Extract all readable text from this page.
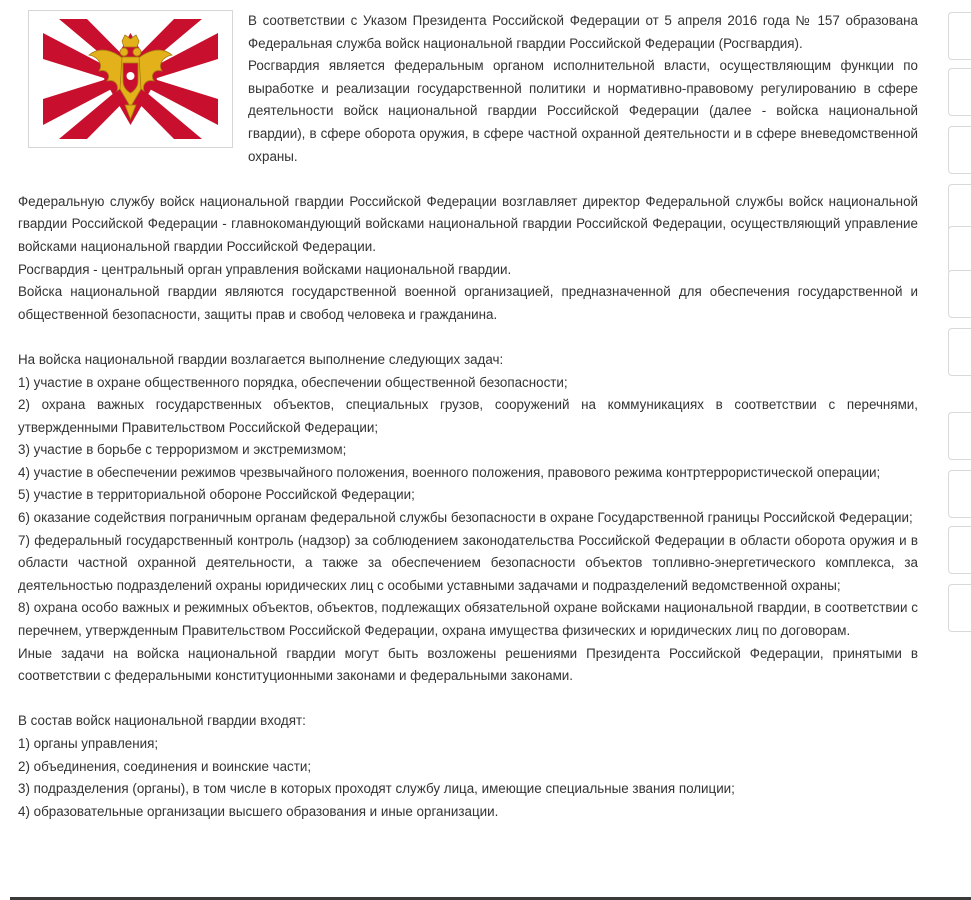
В соответствии с Указом Президента Российской Федерации от 5 апреля 2016 года № 157 образована Федеральная служба войск национальной гвардии Российской Федерации (Росгвардия).

Росгвардия является федеральным органом исполнительной власти, осуществляющим функции по выработке и реализации государственной политики и нормативно-правовому регулированию в сфере деятельности войск национальной гвардии Российской Федерации (далее - войска национальной гвардии), в сфере оборота оружия, в сфере частной охранной деятельности и в сфере вневедомственной охраны.

Федеральную службу войск национальной гвардии Российской Федерации возглавляет директор Федеральной службы войск национальной гвардии Российской Федерации - главнокомандующий войсками национальной гвардии Российской Федерации, осуществляющий управление войсками национальной гвардии Российской Федерации.

Росгвардия - центральный орган управления войсками национальной гвардии.

Войска национальной гвардии являются государственной военной организацией, предназначенной для обеспечения государственной и общественной безопасности, защиты прав и свобод человека и гражданина.

На войска национальной гвардии возлагается выполнение следующих задач:

1) участие в охране общественного порядка, обеспечении общественной безопасности;

2) охрана важных государственных объектов, специальных грузов, сооружений на коммуникациях в соответствии с перечнями, утвержденными Правительством Российской Федерации;

3) участие в борьбе с терроризмом и экстремизмом;

4) участие в обеспечении режимов чрезвычайного положения, военного положения, правового режима контртеррористической операции;

5) участие в территориальной обороне Российской Федерации;

6) оказание содействия пограничным органам федеральной службы безопасности в охране Государственной границы Российской Федерации;

7) федеральный государственный контроль (надзор) за соблюдением законодательства Российской Федерации в области оборота оружия и в области частной охранной деятельности, а также за обеспечением безопасности объектов топливно-энергетического комплекса, за деятельностью подразделений охраны юридических лиц с особыми уставными задачами и подразделений ведомственной охраны;

8) охрана особо важных и режимных объектов, объектов, подлежащих обязательной охране войсками национальной гвардии, в соответствии с перечнем, утвержденным Правительством Российской Федерации, охрана имущества физических и юридических лиц по договорам.

Иные задачи на войска национальной гвардии могут быть возложены решениями Президента Российской Федерации, принятыми в соответствии с федеральными конституционными законами и федеральными законами.

В состав войск национальной гвардии входят:

1) органы управления;

2) объединения, соединения и воинские части;

3) подразделения (органы), в том числе в которых проходят службу лица, имеющие специальные звания полиции;

4) образовательные организации высшего образования и иные организации.
